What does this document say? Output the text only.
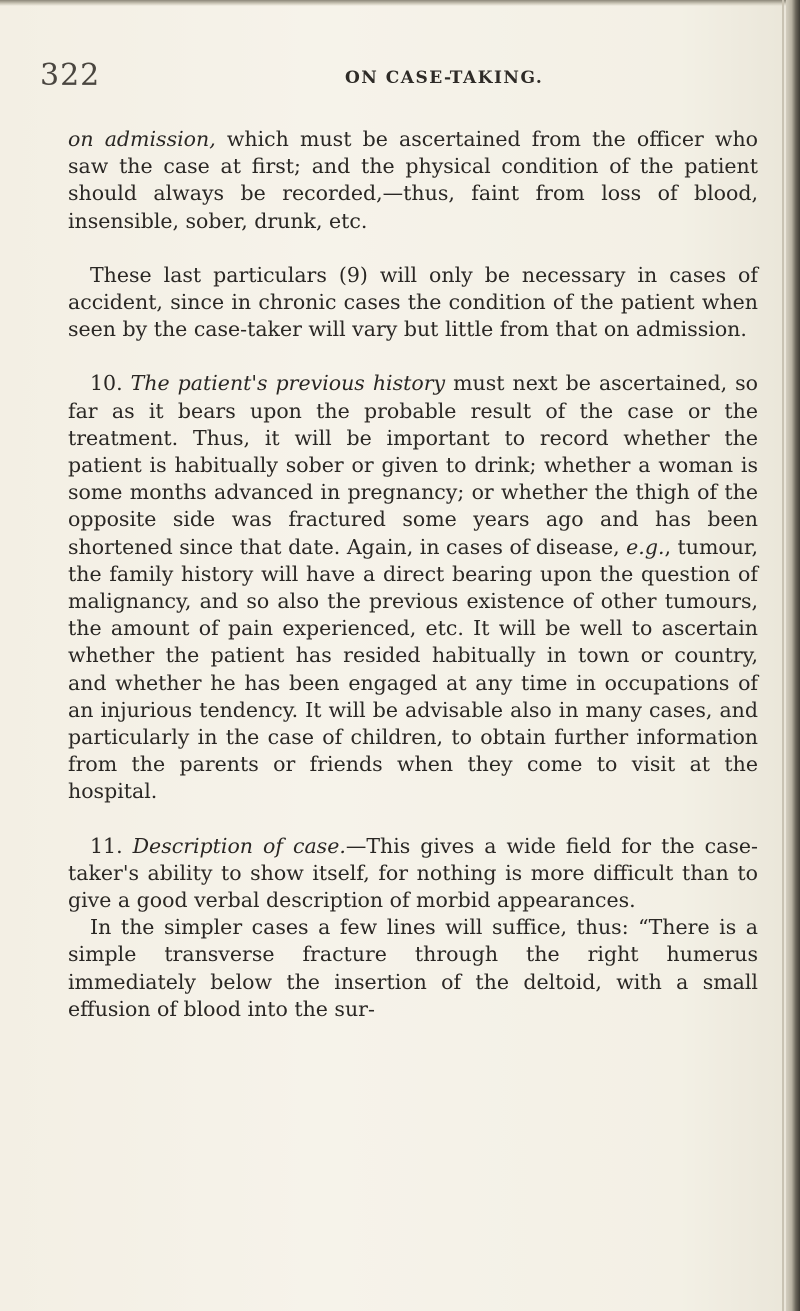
322	ON CASE-TAKING.

on admission, which must be ascertained from the officer who saw the case at first; and the physical condition of the patient should always be recorded,—thus, faint from loss of blood, insensible, sober, drunk, etc.

These last particulars (9) will only be necessary in cases of accident, since in chronic cases the condition of the patient when seen by the case-taker will vary but little from that on admission.

10. The patient's previous history must next be ascertained, so far as it bears upon the probable result of the case or the treatment. Thus, it will be important to record whether the patient is habitually sober or given to drink; whether a woman is some months advanced in pregnancy; or whether the thigh of the opposite side was fractured some years ago and has been shortened since that date. Again, in cases of disease, e.g., tumour, the family history will have a direct bearing upon the question of malignancy, and so also the previous existence of other tumours, the amount of pain experienced, etc. It will be well to ascertain whether the patient has resided habitually in town or country, and whether he has been engaged at any time in occupations of an injurious tendency. It will be advisable also in many cases, and particularly in the case of children, to obtain further information from the parents or friends when they come to visit at the hospital.

11. Description of case.—This gives a wide field for the case-taker's ability to show itself, for nothing is more difficult than to give a good verbal description of morbid appearances.

In the simpler cases a few lines will suffice, thus: “There is a simple transverse fracture through the right humerus immediately below the insertion of the deltoid, with a small effusion of blood into the sur-
